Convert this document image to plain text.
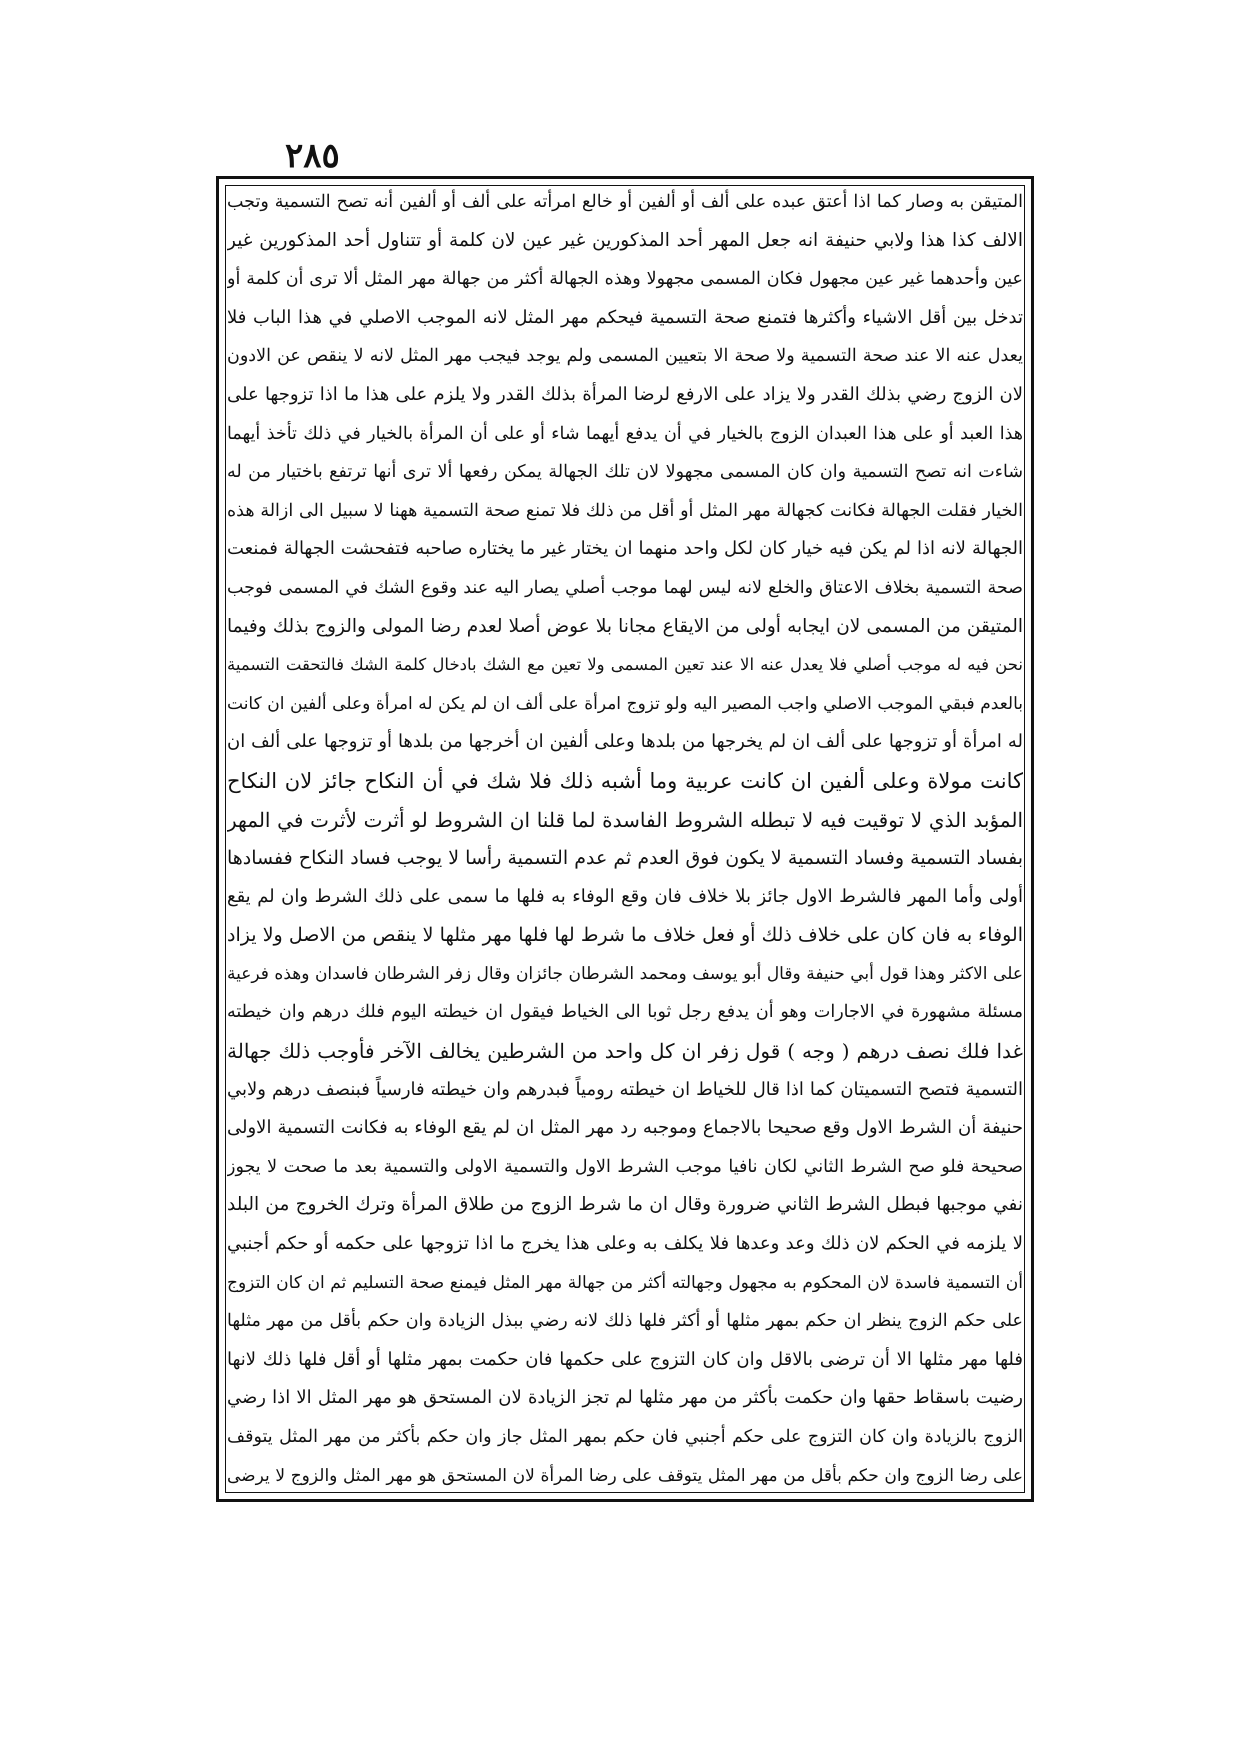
٢٨٥
المتيقن به وصار كما اذا أعتق عبده على ألف أو ألفين أو خالع امرأته على ألف أو ألفين أنه تصح التسمية وتجب
الالف كذا هذا ولابي حنيفة انه جعل المهر أحد المذكورين غير عين لان كلمة أو تتناول أحد المذكورين غير
عين وأحدهما غير عين مجهول فكان المسمى مجهولا وهذه الجهالة أكثر من جهالة مهر المثل ألا ترى أن كلمة أو
تدخل بين أقل الاشياء وأكثرها فتمنع صحة التسمية فيحكم مهر المثل لانه الموجب الاصلي في هذا الباب فلا
يعدل عنه الا عند صحة التسمية ولا صحة الا بتعيين المسمى ولم يوجد فيجب مهر المثل لانه لا ينقص عن الادون
لان الزوج رضي بذلك القدر ولا يزاد على الارفع لرضا المرأة بذلك القدر ولا يلزم على هذا ما اذا تزوجها على
هذا العبد أو على هذا العبدان الزوج بالخيار في أن يدفع أيهما شاء أو على أن المرأة بالخيار في ذلك تأخذ أيهما
شاءت انه تصح التسمية وان كان المسمى مجهولا لان تلك الجهالة يمكن رفعها ألا ترى أنها ترتفع باختيار من له
الخيار فقلت الجهالة فكانت كجهالة مهر المثل أو أقل من ذلك فلا تمنع صحة التسمية ههنا لا سبيل الى ازالة هذه
الجهالة لانه اذا لم يكن فيه خيار كان لكل واحد منهما ان يختار غير ما يختاره صاحبه فتفحشت الجهالة فمنعت
صحة التسمية بخلاف الاعتاق والخلع لانه ليس لهما موجب أصلي يصار اليه عند وقوع الشك في المسمى فوجب
المتيقن من المسمى لان ايجابه أولى من الايقاع مجانا بلا عوض أصلا لعدم رضا المولى والزوج بذلك وفيما
نحن فيه له موجب أصلي فلا يعدل عنه الا عند تعين المسمى ولا تعين مع الشك بادخال كلمة الشك فالتحقت التسمية
بالعدم فبقي الموجب الاصلي واجب المصير اليه ولو تزوج امرأة على ألف ان لم يكن له امرأة وعلى ألفين ان كانت
له امرأة أو تزوجها على ألف ان لم يخرجها من بلدها وعلى ألفين ان أخرجها من بلدها أو تزوجها على ألف ان
كانت مولاة وعلى ألفين ان كانت عربية وما أشبه ذلك فلا شك في أن النكاح جائز لان النكاح
المؤبد الذي لا توقيت فيه لا تبطله الشروط الفاسدة لما قلنا ان الشروط لو أثرت لأثرت في المهر
بفساد التسمية وفساد التسمية لا يكون فوق العدم ثم عدم التسمية رأسا لا يوجب فساد النكاح ففسادها
أولى وأما المهر فالشرط الاول جائز بلا خلاف فان وقع الوفاء به فلها ما سمى على ذلك الشرط وان لم يقع
الوفاء به فان كان على خلاف ذلك أو فعل خلاف ما شرط لها فلها مهر مثلها لا ينقص من الاصل ولا يزاد
على الاكثر وهذا قول أبي حنيفة وقال أبو يوسف ومحمد الشرطان جائزان وقال زفر الشرطان فاسدان وهذه فرعية
مسئلة مشهورة في الاجارات وهو أن يدفع رجل ثوبا الى الخياط فيقول ان خيطته اليوم فلك درهم وان خيطته
غدا فلك نصف درهم ( وجه ) قول زفر ان كل واحد من الشرطين يخالف الآخر فأوجب ذلك جهالة
التسمية فتصح التسميتان كما اذا قال للخياط ان خيطته رومياً فبدرهم وان خيطته فارسياً فبنصف درهم ولابي
حنيفة أن الشرط الاول وقع صحيحا بالاجماع وموجبه رد مهر المثل ان لم يقع الوفاء به فكانت التسمية الاولى
صحيحة فلو صح الشرط الثاني لكان نافيا موجب الشرط الاول والتسمية الاولى والتسمية بعد ما صحت لا يجوز
نفي موجبها فبطل الشرط الثاني ضرورة وقال ان ما شرط الزوج من طلاق المرأة وترك الخروج من البلد
لا يلزمه في الحكم لان ذلك وعد وعدها فلا يكلف به وعلى هذا يخرج ما اذا تزوجها على حكمه أو حكم أجنبي
أن التسمية فاسدة لان المحكوم به مجهول وجهالته أكثر من جهالة مهر المثل فيمنع صحة التسليم ثم ان كان التزوج
على حكم الزوج ينظر ان حكم بمهر مثلها أو أكثر فلها ذلك لانه رضي ببذل الزيادة وان حكم بأقل من مهر مثلها
فلها مهر مثلها الا أن ترضى بالاقل وان كان التزوج على حكمها فان حكمت بمهر مثلها أو أقل فلها ذلك لانها
رضيت باسقاط حقها وان حكمت بأكثر من مهر مثلها لم تجز الزيادة لان المستحق هو مهر المثل الا اذا رضي
الزوج بالزيادة وان كان التزوج على حكم أجنبي فان حكم بمهر المثل جاز وان حكم بأكثر من مهر المثل يتوقف
على رضا الزوج وان حكم بأقل من مهر المثل يتوقف على رضا المرأة لان المستحق هو مهر المثل والزوج لا يرضى
